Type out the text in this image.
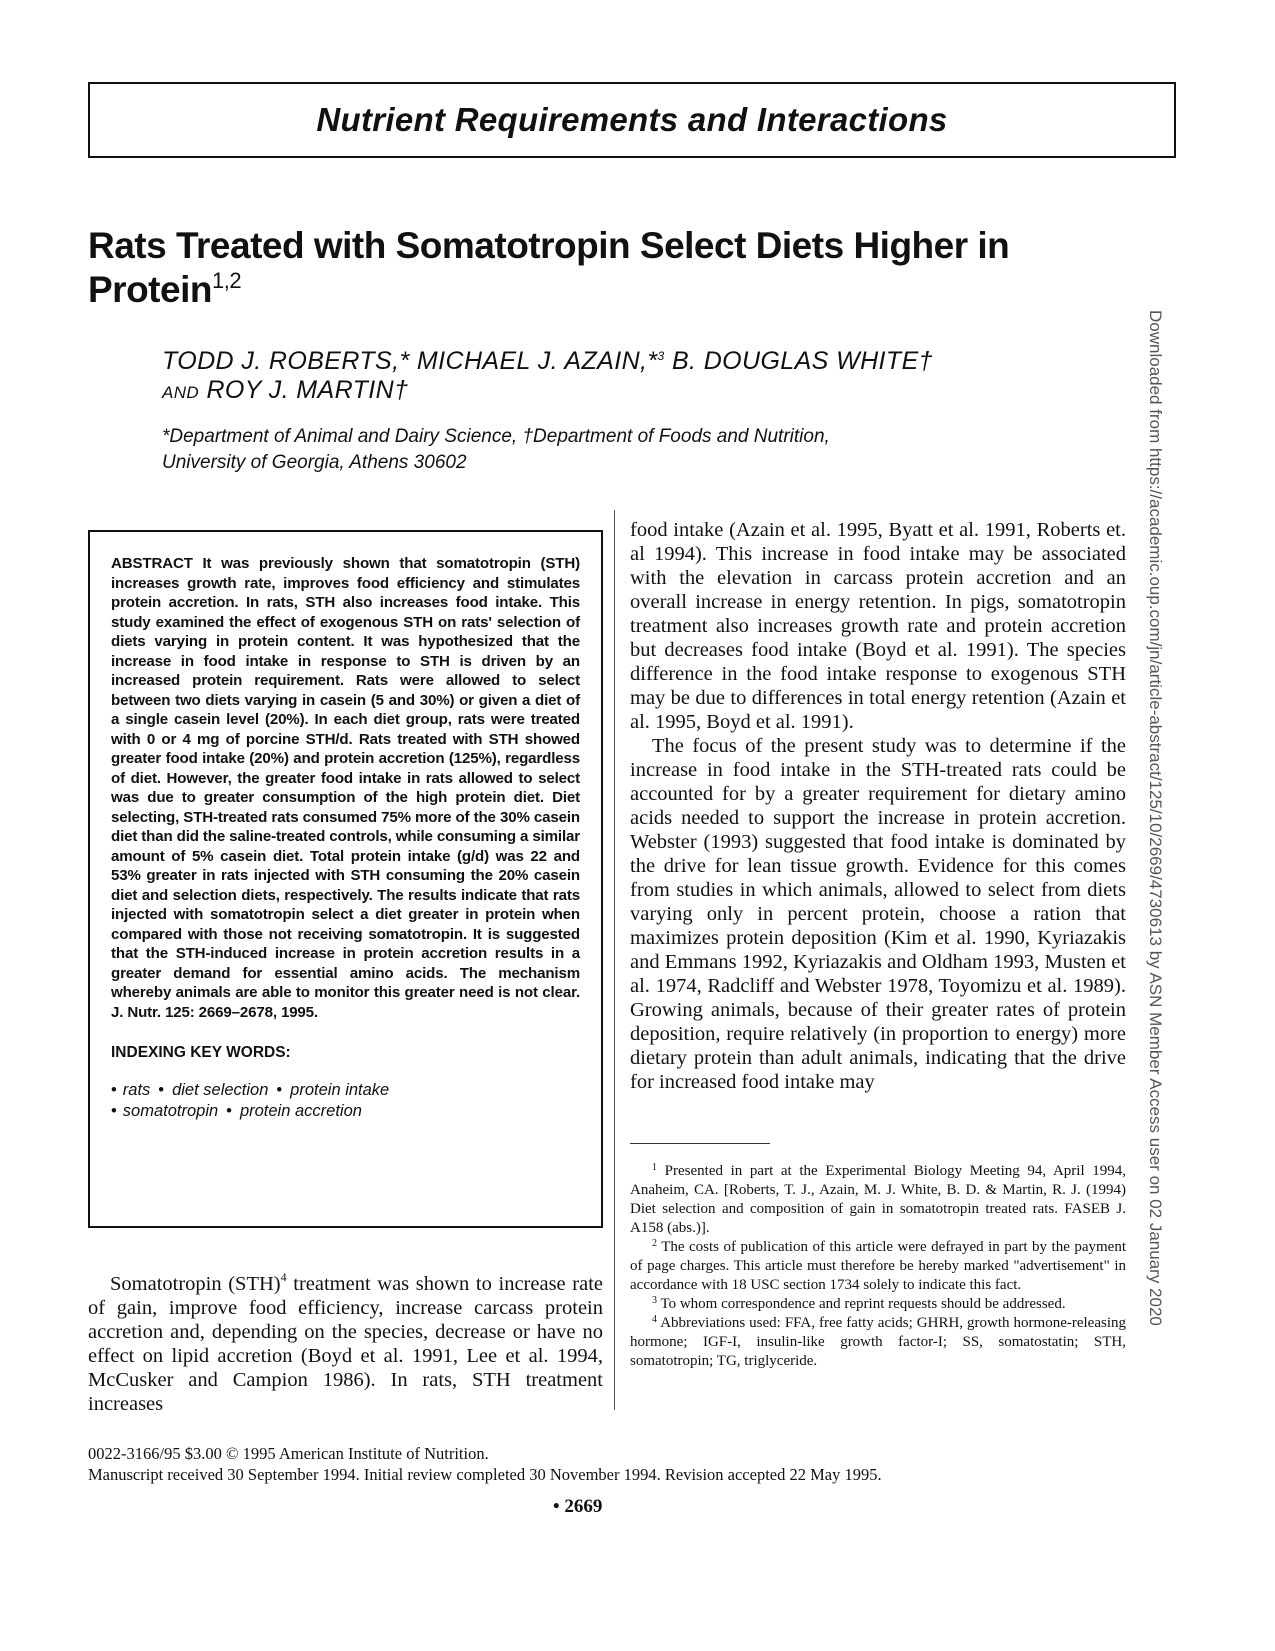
Nutrient Requirements and Interactions
Rats Treated with Somatotropin Select Diets Higher in Protein$^{1,2}$
TODD J. ROBERTS,* MICHAEL J. AZAIN,*$^3$ B. DOUGLAS WHITE†
AND ROY J. MARTIN†
*Department of Animal and Dairy Science, †Department of Foods and Nutrition,
University of Georgia, Athens 30602
ABSTRACT It was previously shown that somatotropin (STH) increases growth rate, improves food efficiency and stimulates protein accretion. In rats, STH also increases food intake. This study examined the effect of exogenous STH on rats' selection of diets varying in protein content. It was hypothesized that the increase in food intake in response to STH is driven by an increased protein requirement. Rats were allowed to select between two diets varying in casein (5 and 30%) or given a diet of a single casein level (20%). In each diet group, rats were treated with 0 or 4 mg of porcine STH/d. Rats treated with STH showed greater food intake (20%) and protein accretion (125%), regardless of diet. However, the greater food intake in rats allowed to select was due to greater consumption of the high protein diet. Diet selecting, STH-treated rats consumed 75% more of the 30% casein diet than did the saline-treated controls, while consuming a similar amount of 5% casein diet. Total protein intake (g/d) was 22 and 53% greater in rats injected with STH consuming the 20% casein diet and selection diets, respectively. The results indicate that rats injected with somatotropin select a diet greater in protein when compared with those not receiving somatotropin. It is suggested that the STH-induced increase in protein accretion results in a greater demand for essential amino acids. The mechanism whereby animals are able to monitor this greater need is not clear. J. Nutr. 125: 2669–2678, 1995.
INDEXING KEY WORDS:
• rats • diet selection • protein intake
• somatotropin • protein accretion
Somatotropin (STH)$^4$ treatment was shown to increase rate of gain, improve food efficiency, increase carcass protein accretion and, depending on the species, decrease or have no effect on lipid accretion (Boyd et al. 1991, Lee et al. 1994, McCusker and Campion 1986). In rats, STH treatment increases

food intake (Azain et al. 1995, Byatt et al. 1991, Roberts et. al 1994). This increase in food intake may be associated with the elevation in carcass protein accretion and an overall increase in energy retention. In pigs, somatotropin treatment also increases growth rate and protein accretion but decreases food intake (Boyd et al. 1991). The species difference in the food intake response to exogenous STH may be due to differences in total energy retention (Azain et al. 1995, Boyd et al. 1991).

The focus of the present study was to determine if the increase in food intake in the STH-treated rats could be accounted for by a greater requirement for dietary amino acids needed to support the increase in protein accretion. Webster (1993) suggested that food intake is dominated by the drive for lean tissue growth. Evidence for this comes from studies in which animals, allowed to select from diets varying only in percent protein, choose a ration that maximizes protein deposition (Kim et al. 1990, Kyriazakis and Emmans 1992, Kyriazakis and Oldham 1993, Musten et al. 1974, Radcliff and Webster 1978, Toyomizu et al. 1989). Growing animals, because of their greater rates of protein deposition, require relatively (in proportion to energy) more dietary protein than adult animals, indicating that the drive for increased food intake may

$^1$ Presented in part at the Experimental Biology Meeting 94, April 1994, Anaheim, CA. [Roberts, T. J., Azain, M. J. White, B. D. & Martin, R. J. (1994) Diet selection and composition of gain in somatotropin treated rats. FASEB J. A158 (abs.)].

$^2$ The costs of publication of this article were defrayed in part by the payment of page charges. This article must therefore be hereby marked "advertisement" in accordance with 18 USC section 1734 solely to indicate this fact.

$^3$ To whom correspondence and reprint requests should be addressed.

$^4$ Abbreviations used: FFA, free fatty acids; GHRH, growth hormone-releasing hormone; IGF-I, insulin-like growth factor-I; SS, somatostatin; STH, somatotropin; TG, triglyceride.

0022-3166/95 $3.00 © 1995 American Institute of Nutrition.
Manuscript received 30 September 1994. Initial review completed 30 November 1994. Revision accepted 22 May 1995.
• 2669
Downloaded from https://academic.oup.com/jn/article-abstract/125/10/2669/4730613 by ASN Member Access user on 02 January 2020
